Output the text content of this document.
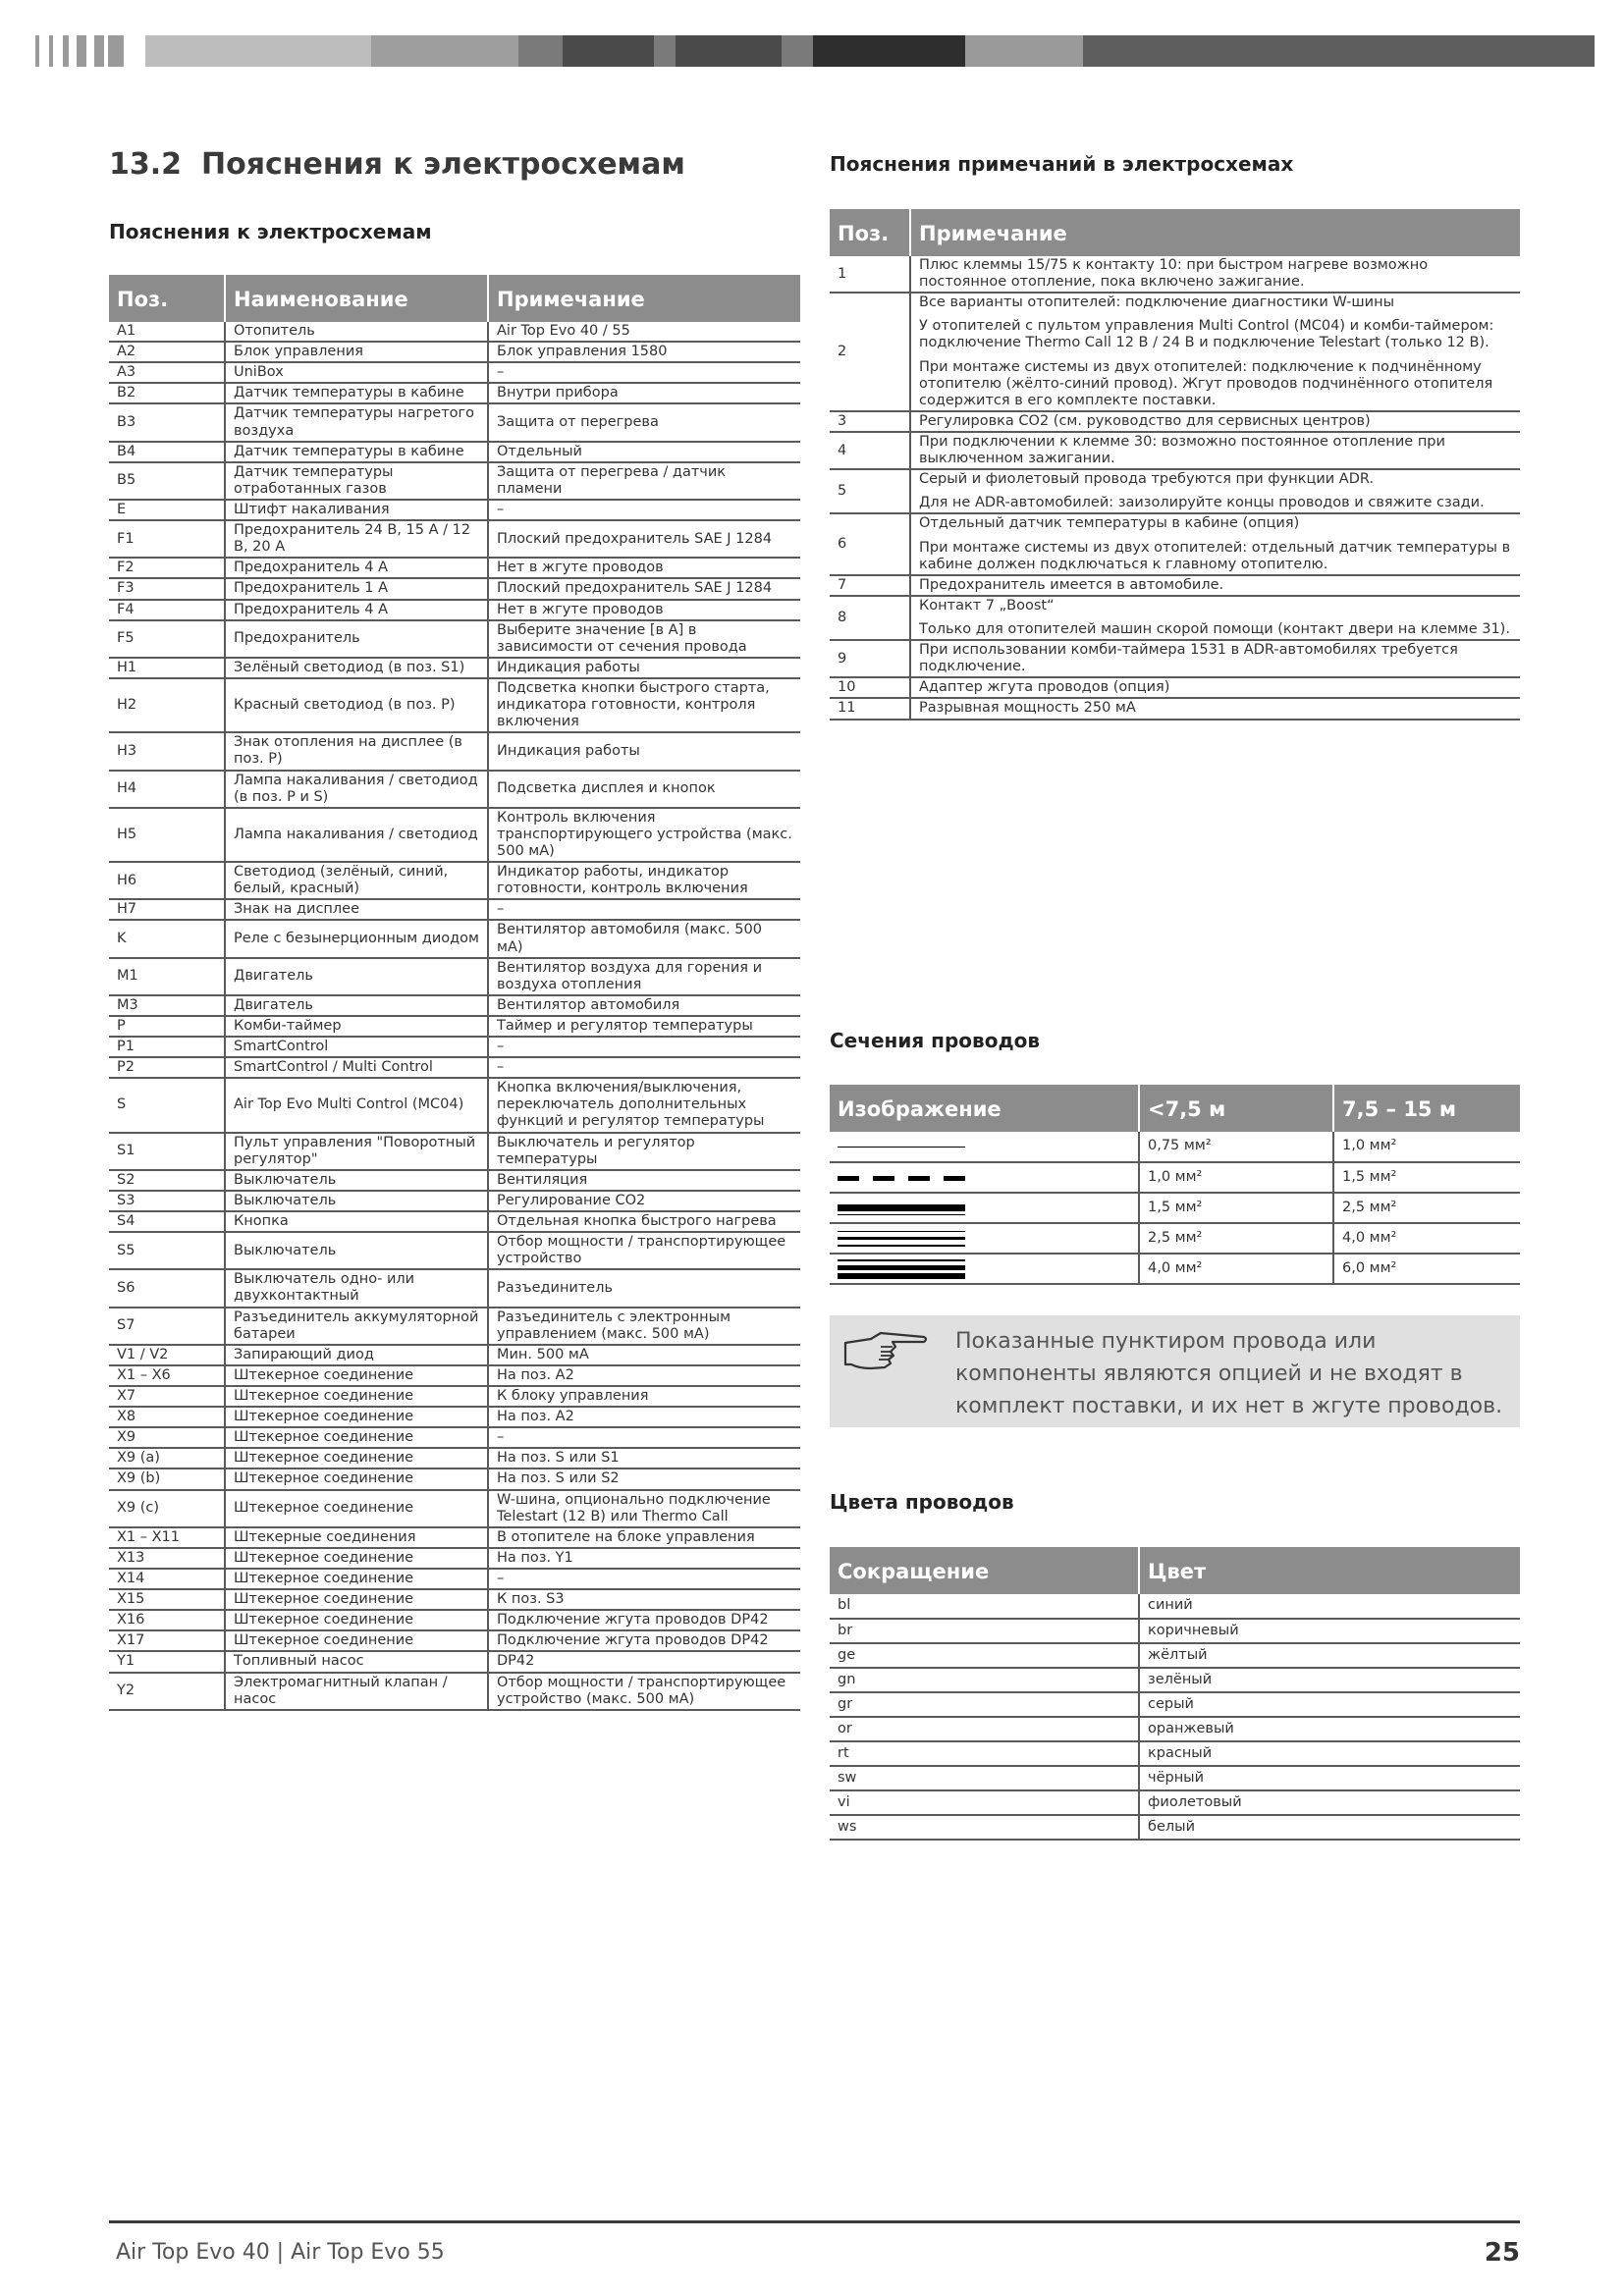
13.2 Пояснения к электросхемам
Пояснения к электросхемам
Поз.	Наименование	Примечание
A1	Отопитель	Air Top Evo 40 / 55
A2	Блок управления	Блок управления 1580
A3	UniBox	–
B2	Датчик температуры в кабине	Внутри прибора
B3	Датчик температуры нагретого воздуха	Защита от перегрева
B4	Датчик температуры в кабине	Отдельный
B5	Датчик температуры отработанных газов	Защита от перегрева / датчик пламени
E	Штифт накаливания	–
F1	Предохранитель 24 В, 15 А / 12 В, 20 А	Плоский предохранитель SAE J 1284
F2	Предохранитель 4 А	Нет в жгуте проводов
F3	Предохранитель 1 А	Плоский предохранитель SAE J 1284
F4	Предохранитель 4 А	Нет в жгуте проводов
F5	Предохранитель	Выберите значение [в А] в зависимости от сечения провода
H1	Зелёный светодиод (в поз. S1)	Индикация работы
H2	Красный светодиод (в поз. P)	Подсветка кнопки быстрого старта, индикатора готовности, контроля включения
H3	Знак отопления на дисплее (в поз. P)	Индикация работы
H4	Лампа накаливания / светодиод (в поз. P и S)	Подсветка дисплея и кнопок
H5	Лампа накаливания / светодиод	Контроль включения транспортирующего устройства (макс. 500 мА)
H6	Светодиод (зелёный, синий, белый, красный)	Индикатор работы, индикатор готовности, контроль включения
H7	Знак на дисплее	–
K	Реле с безынерционным диодом	Вентилятор автомобиля (макс. 500 мА)
M1	Двигатель	Вентилятор воздуха для горения и воздуха отопления
M3	Двигатель	Вентилятор автомобиля
P	Комби-таймер	Таймер и регулятор температуры
P1	SmartControl	–
P2	SmartControl / Multi Control	–
S	Air Top Evo Multi Control (MC04)	Кнопка включения/выключения, переключатель дополнительных функций и регулятор температуры
S1	Пульт управления "Поворотный регулятор"	Выключатель и регулятор температуры
S2	Выключатель	Вентиляция
S3	Выключатель	Регулирование CO2
S4	Кнопка	Отдельная кнопка быстрого нагрева
S5	Выключатель	Отбор мощности / транспортирующее устройство
S6	Выключатель одно- или двухконтактный	Разъединитель
S7	Разъединитель аккумуляторной батареи	Разъединитель с электронным управлением (макс. 500 мА)
V1 / V2	Запирающий диод	Мин. 500 мА
X1 – X6	Штекерное соединение	На поз. A2
X7	Штекерное соединение	К блоку управления
X8	Штекерное соединение	На поз. A2
X9	Штекерное соединение	–
X9 (a)	Штекерное соединение	На поз. S или S1
X9 (b)	Штекерное соединение	На поз. S или S2
X9 (c)	Штекерное соединение	W-шина, опционально подключение Telestart (12 В) или Thermo Call
X1 – X11	Штекерные соединения	В отопителе на блоке управления
X13	Штекерное соединение	На поз. Y1
X14	Штекерное соединение	–
X15	Штекерное соединение	К поз. S3
X16	Штекерное соединение	Подключение жгута проводов DP42
X17	Штекерное соединение	Подключение жгута проводов DP42
Y1	Топливный насос	DP42
Y2	Электромагнитный клапан / насос	Отбор мощности / транспортирующее устройство (макс. 500 мА)
Пояснения примечаний в электросхемах
Поз.	Примечание
1	Плюс клеммы 15/75 к контакту 10: при быстром нагреве возможно постоянное отопление, пока включено зажигание.

2	Все варианты отопителей: подключение диагностики W-шины

У отопителей с пультом управления Multi Control (MC04) и комби-таймером: подключение Thermo Call 12 В / 24 В и подключение Telestart (только 12 В).

При монтаже системы из двух отопителей: подключение к подчинённому отопителю (жёлто-синий провод). Жгут проводов подчинённого отопителя содержится в его комплекте поставки.

3	Регулировка CO2 (см. руководство для сервисных центров)

4	При подключении к клемме 30: возможно постоянное отопление при выключенном зажигании.

5	Серый и фиолетовый провода требуются при функции ADR.

Для не ADR-автомобилей: заизолируйте концы проводов и свяжите сзади.

6	Отдельный датчик температуры в кабине (опция)

При монтаже системы из двух отопителей: отдельный датчик температуры в кабине должен подключаться к главному отопителю.

7	Предохранитель имеется в автомобиле.

8	Контакт 7 „Boost“

Только для отопителей машин скорой помощи (контакт двери на клемме 31).

9	При использовании комби-таймера 1531 в ADR-автомобилях требуется подключение.

10	Адаптер жгута проводов (опция)

11	Разрывная мощность 250 мА

Сечения проводов
Изображение	<7,5 м	7,5 – 15 м

	0,75 мм²	1,0 мм²

	1,0 мм²	1,5 мм²

	1,5 мм²	2,5 мм²

	2,5 мм²	4,0 мм²

	4,0 мм²	6,0 мм²
Показанные пунктиром провода или компоненты являются опцией и не входят в комплект поставки, и их нет в жгуте проводов.
Цвета проводов
Сокращение	Цвет
bl	синий
br	коричневый
ge	жёлтый
gn	зелёный
gr	серый
or	оранжевый
rt	красный
sw	чёрный
vi	фиолетовый
ws	белый
Air Top Evo 40 | Air Top Evo 55	25
